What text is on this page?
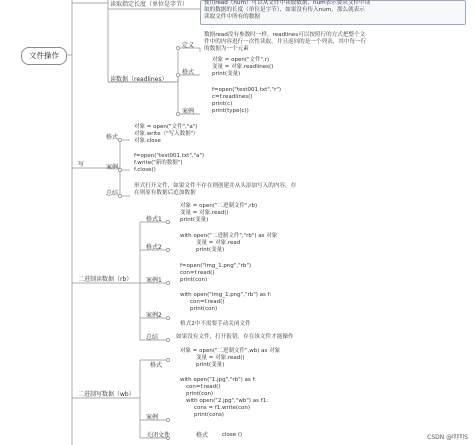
文件操作
读取指定长度（单位是字节）	使用read（num）可以从文件中读取数据，num表示要从文件中读
取的数据的长度（单位是字节），如果没有传入num，那么就表示
读取文件中所有的数据
读数据（readlines）
定义
数据read没有参数时一样，readlines可以按照行的方式把整个文
件中的内容进行一次性读取，并且返回的是一个列表，其中每一行
的数据为一个元素
格式
对象 = open("文件",r)
变量 = 对象.readlines()
print(变量)
案例
f=open("test001.txt","r")
c=f.readlines()
print(c)
print(type(c))
写
格式
对象 = open("文件","a")
对象.write（"写入数据"）
对象.close
案例
f=open("test001.txt","a")
f.write("新的数据")
f.close()
总结
形式打开文件，如果文件不存在则创建并从头添加写入的内容，存
在则原有数据后追加数据
二进制读数据（rb）
格式1
对象 = open("二进制文件",rb)
变量 = 对象.read()
print(变量)
格式2
with open("二进制文件","rb") as 对象
变量 = 对象.read
print(变量)
案例1
f=open("img_1.png","rb")
con=f.read()
print(con)
案例2
with open("img_1.png","rb") as f:
con=f.read()
print(con)
格式2中不需要手动关闭文件
总结	如果没有文件，打开报错，存在该文件才能操作
二进制写数据（wb）
格式
对象 = open("二进制文件",wb) as 对象
变量 = 对象.read()
print(变量)
案例
with open("1.jpg","rb") as f:
con=f.read()
print(con)
with open("2.jpg","wb") as f1:
cons = f1.write(con)
print(cons)
关闭文件	格式	close ()	CSDN @明明S
